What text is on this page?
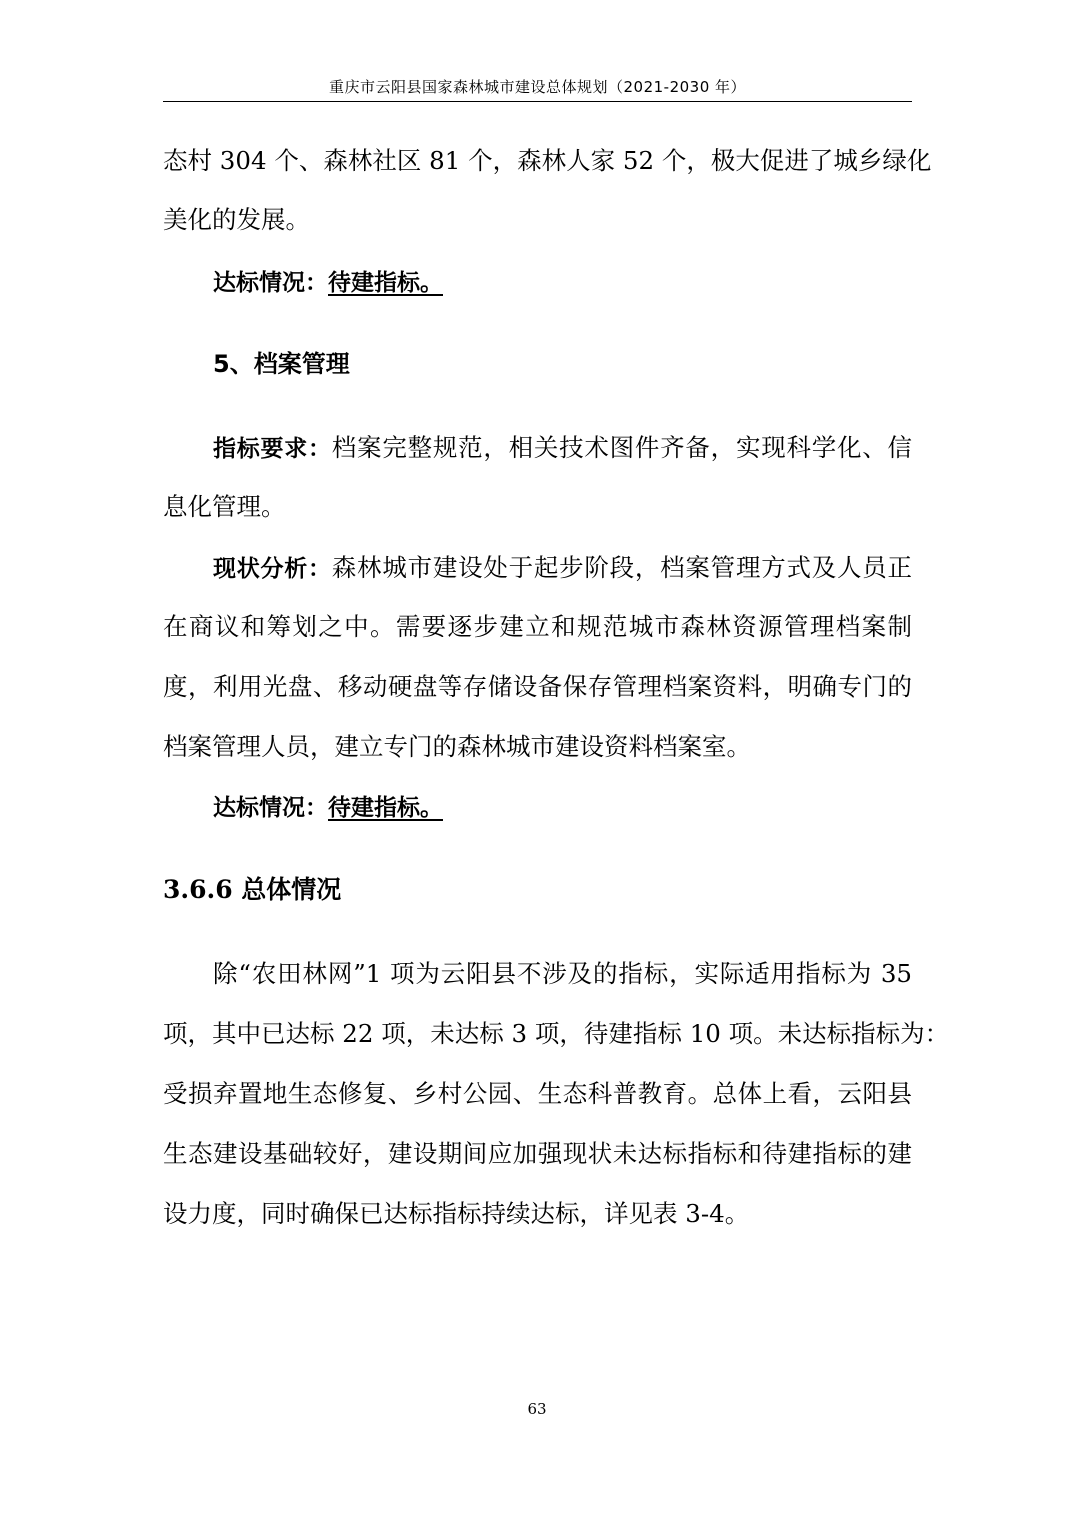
重庆市云阳县国家森林城市建设总体规划（2021-2030 年）
态村 304 个、森林社区 81 个，森林人家 52 个，极大促进了城乡绿化
美化的发展。
达标情况：待建指标。
5、档案管理
指标要求：档案完整规范，相关技术图件齐备，实现科学化、信
息化管理。
现状分析：森林城市建设处于起步阶段，档案管理方式及人员正
在商议和筹划之中。需要逐步建立和规范城市森林资源管理档案制
度，利用光盘、移动硬盘等存储设备保存管理档案资料，明确专门的
档案管理人员，建立专门的森林城市建设资料档案室。
达标情况：待建指标。
3.6.6 总体情况
除“农田林网”1 项为云阳县不涉及的指标，实际适用指标为 35
项，其中已达标 22 项，未达标 3 项，待建指标 10 项。未达标指标为：
受损弃置地生态修复、乡村公园、生态科普教育。总体上看，云阳县
生态建设基础较好，建设期间应加强现状未达标指标和待建指标的建
设力度，同时确保已达标指标持续达标，详见表 3-4。
63
